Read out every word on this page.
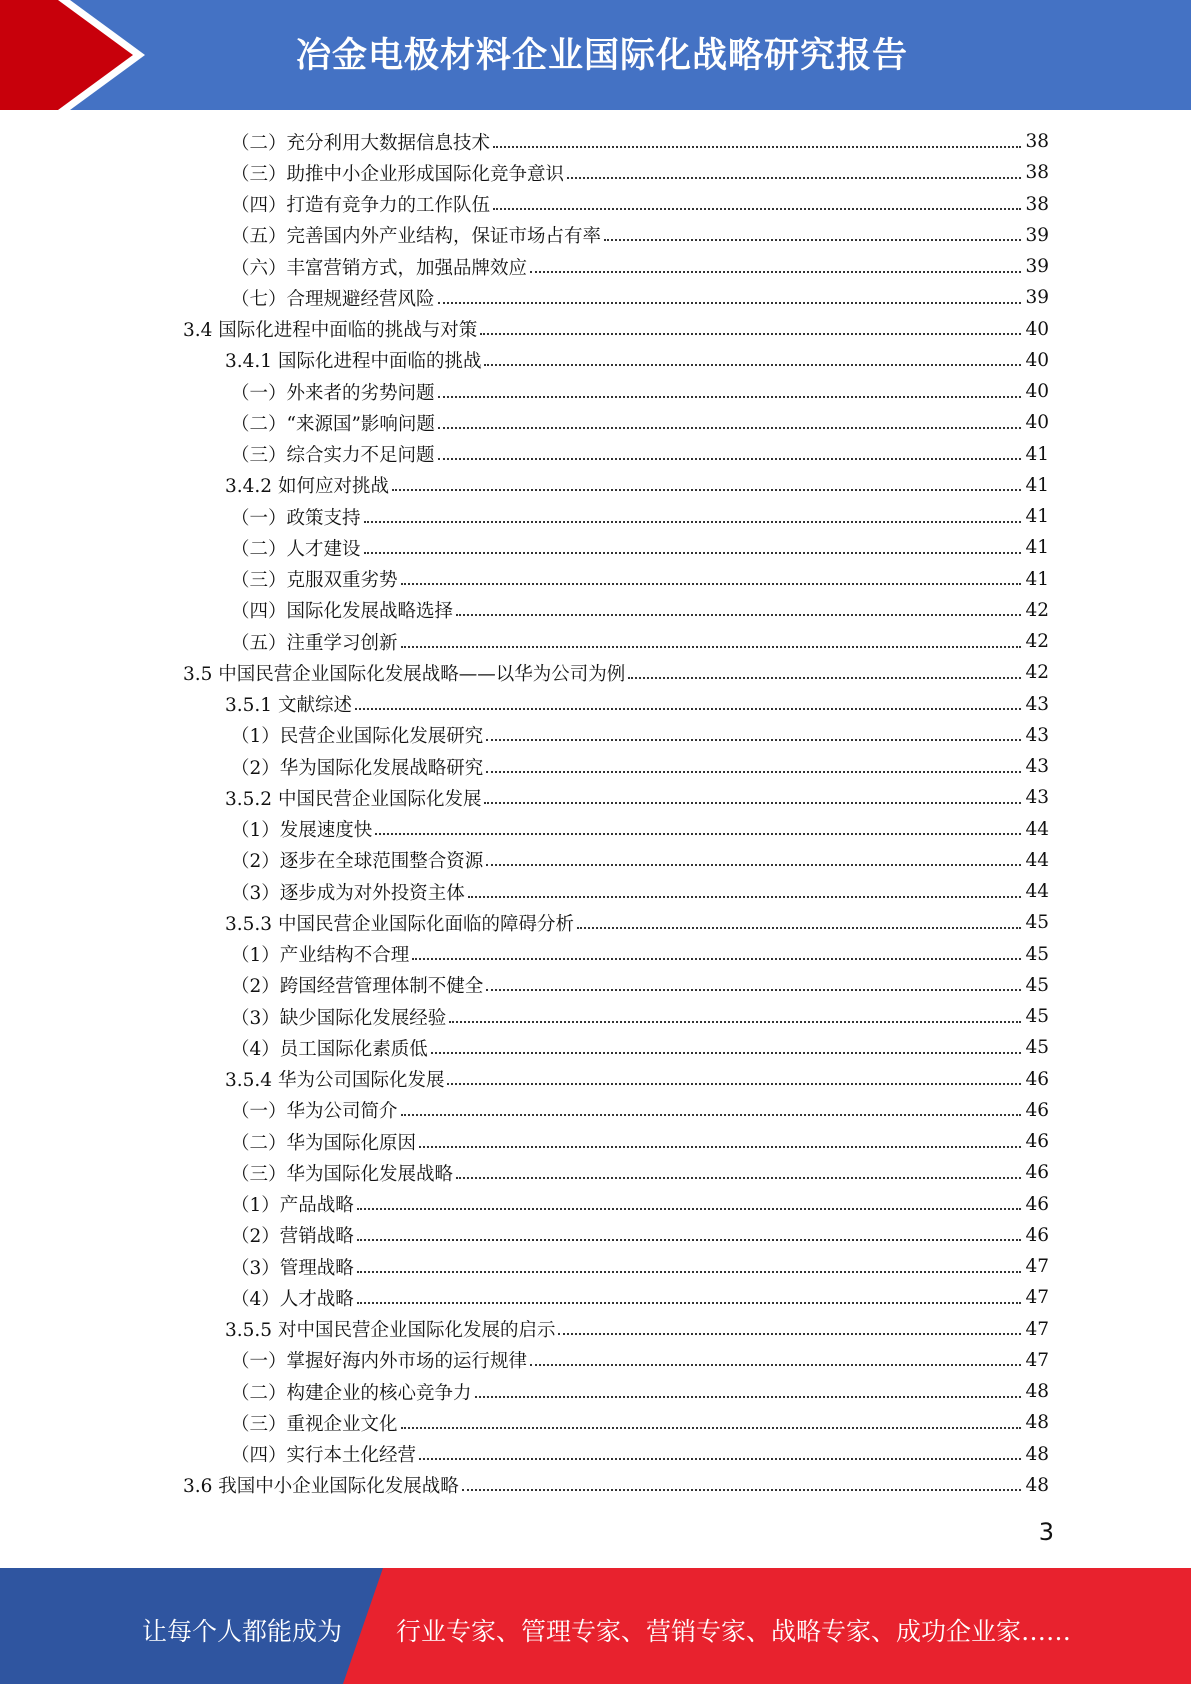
冶金电极材料企业国际化战略研究报告
（二）充分利用大数据信息技术	38
（三）助推中小企业形成国际化竞争意识	38
（四）打造有竞争力的工作队伍	38
（五）完善国内外产业结构，保证市场占有率	39
（六）丰富营销方式，加强品牌效应	39
（七）合理规避经营风险	39
3.4 国际化进程中面临的挑战与对策	40
3.4.1 国际化进程中面临的挑战	40
（一）外来者的劣势问题	40
（二）“来源国”影响问题	40
（三）综合实力不足问题	41
3.4.2 如何应对挑战	41
（一）政策支持	41
（二）人才建设	41
（三）克服双重劣势	41
（四）国际化发展战略选择	42
（五）注重学习创新	42
3.5 中国民营企业国际化发展战略——以华为公司为例	42
3.5.1 文献综述	43
（1）民营企业国际化发展研究	43
（2）华为国际化发展战略研究	43
3.5.2 中国民营企业国际化发展	43
（1）发展速度快	44
（2）逐步在全球范围整合资源	44
（3）逐步成为对外投资主体	44
3.5.3 中国民营企业国际化面临的障碍分析	45
（1）产业结构不合理	45
（2）跨国经营管理体制不健全	45
（3）缺少国际化发展经验	45
（4）员工国际化素质低	45
3.5.4 华为公司国际化发展	46
（一）华为公司简介	46
（二）华为国际化原因	46
（三）华为国际化发展战略	46
（1）产品战略	46
（2）营销战略	46
（3）管理战略	47
（4）人才战略	47
3.5.5 对中国民营企业国际化发展的启示	47
（一）掌握好海内外市场的运行规律	47
（二）构建企业的核心竞争力	48
（三）重视企业文化	48
（四）实行本土化经营	48
3.6 我国中小企业国际化发展战略	48
3
让每个人都能成为 行业专家、管理专家、营销专家、战略专家、成功企业家……
